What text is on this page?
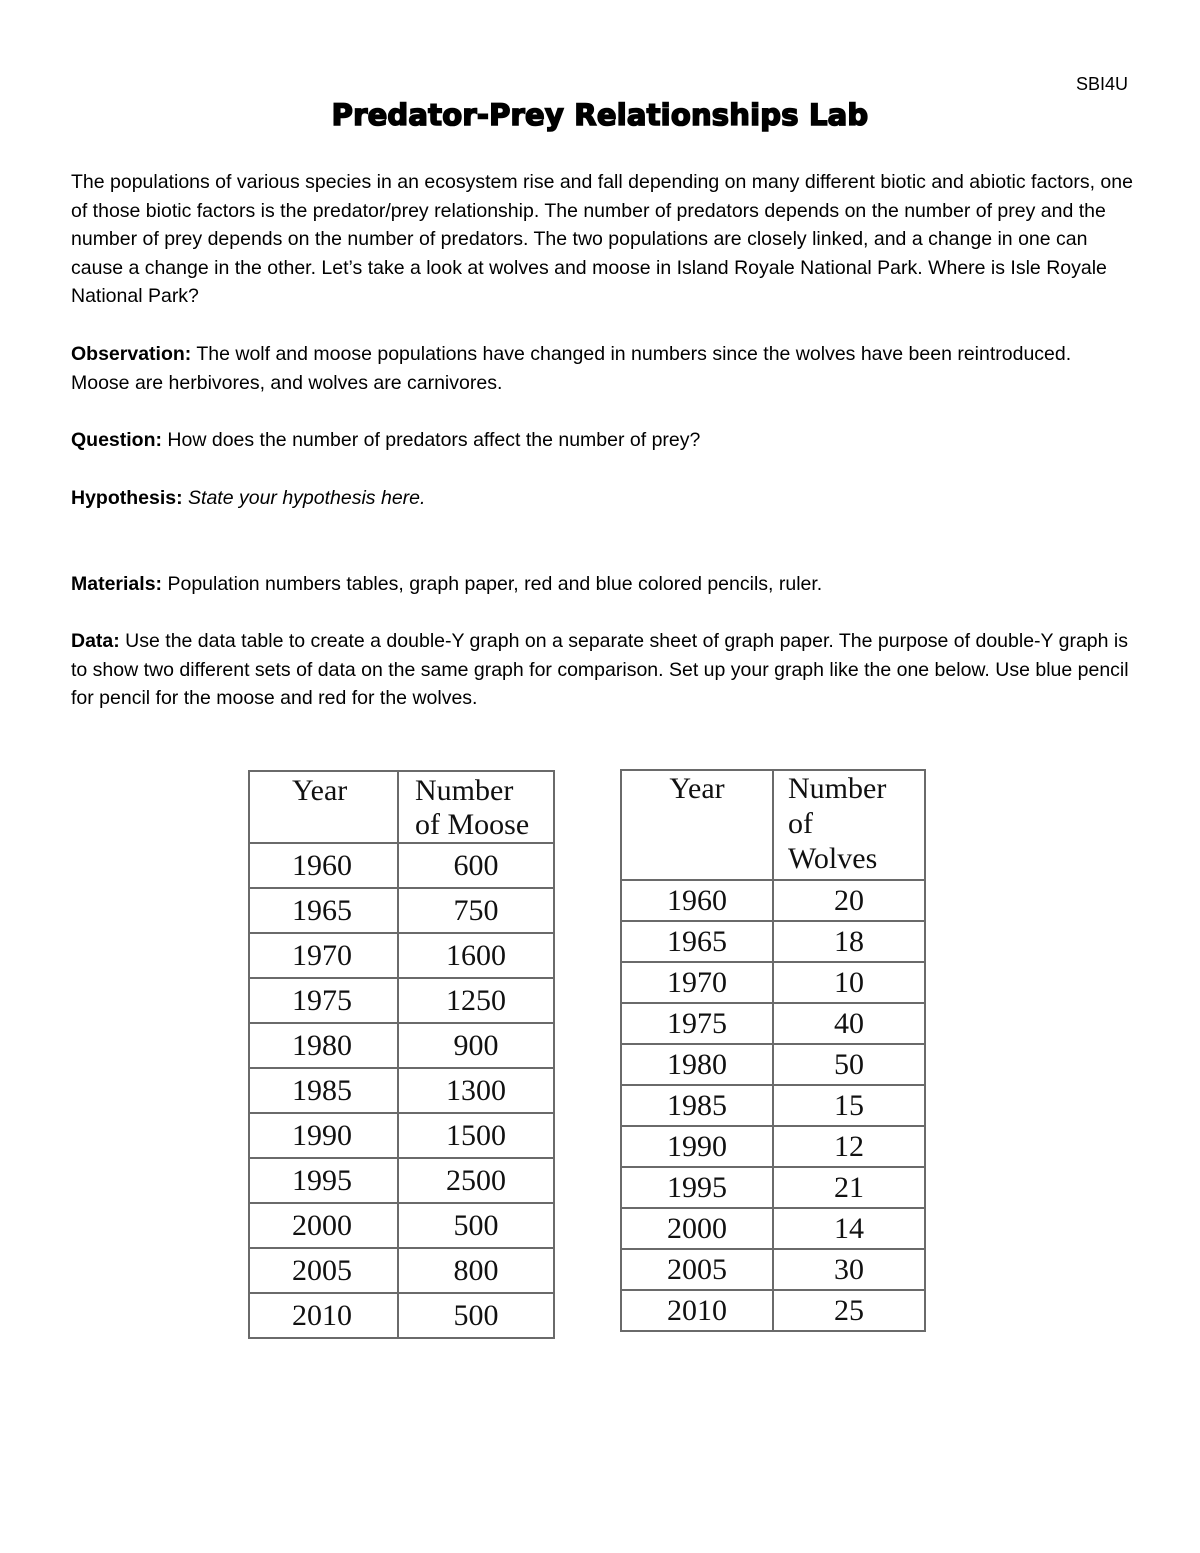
SBI4U
Predator-Prey Relationships Lab

The populations of various species in an ecosystem rise and fall depending on many different biotic and abiotic factors, one of those biotic factors is the predator/prey relationship. The number of predators depends on the number of prey and the number of prey depends on the number of predators. The two populations are closely linked, and a change in one can cause a change in the other. Let’s take a look at wolves and moose in Island Royale National Park. Where is Isle Royale National Park?

Observation: The wolf and moose populations have changed in numbers since the wolves have been reintroduced. Moose are herbivores, and wolves are carnivores.

Question: How does the number of predators affect the number of prey?

Hypothesis: State your hypothesis here.

Materials: Population numbers tables, graph paper, red and blue colored pencils, ruler.

Data: Use the data table to create a double-Y graph on a separate sheet of graph paper. The purpose of double-Y graph is to show two different sets of data on the same graph for comparison. Set up your graph like the one below. Use blue pencil for pencil for the moose and red for the wolves.

Year	Number
of Moose
1960	600
1965	750
1970	1600
1975	1250
1980	900
1985	1300
1990	1500
1995	2500
2000	500
2005	800
2010	500
Year	Number
of
Wolves
1960	20
1965	18
1970	10
1975	40
1980	50
1985	15
1990	12
1995	21
2000	14
2005	30
2010	25
